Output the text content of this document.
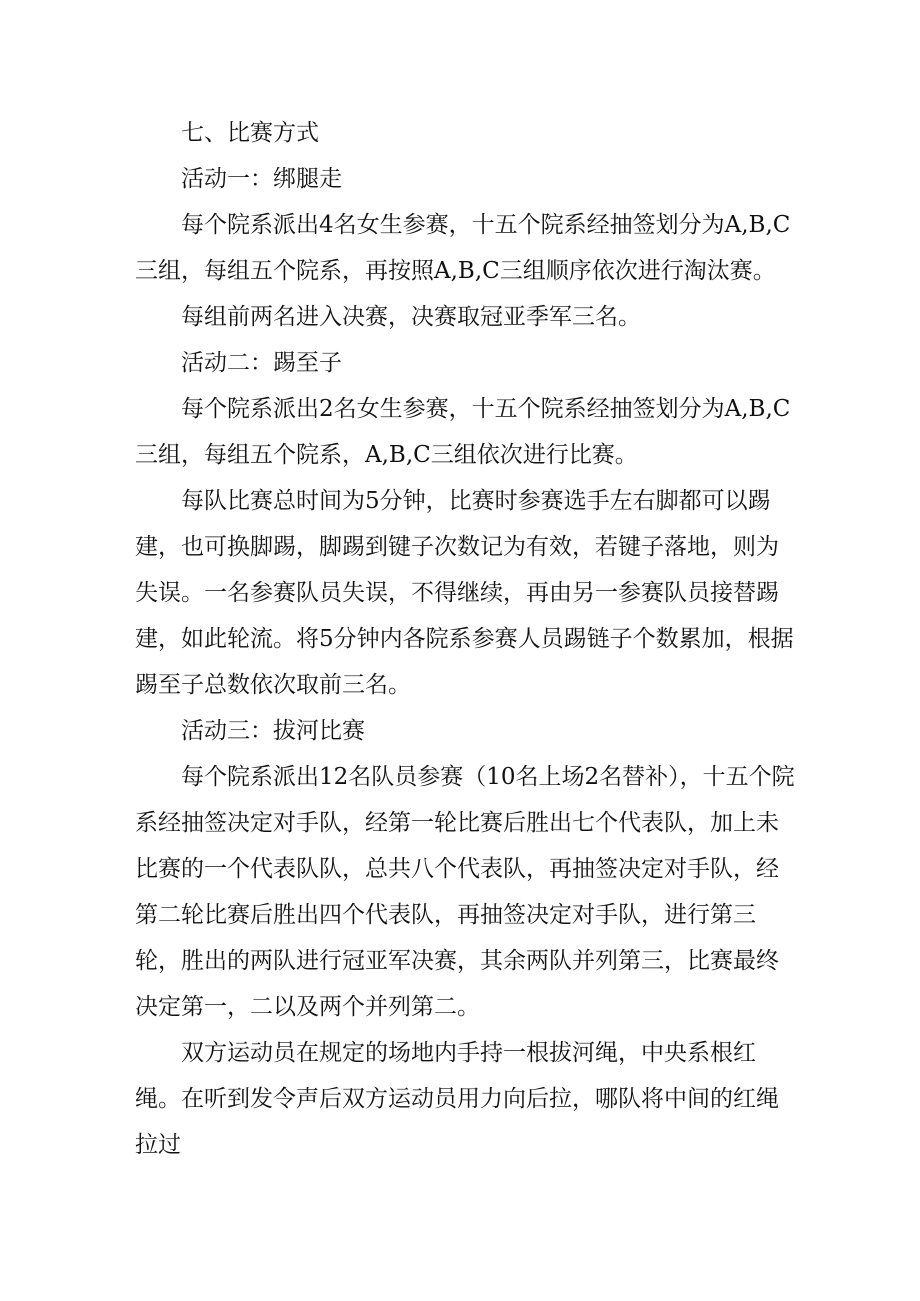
七、比赛方式

活动一：绑腿走

每个院系派出4名女生参赛，十五个院系经抽签划分为A,B,C三组，每组五个院系，再按照A,B,C三组顺序依次进行淘汰赛。

每组前两名进入决赛，决赛取冠亚季军三名。

活动二：踢至子

每个院系派出2名女生参赛，十五个院系经抽签划分为A,B,C三组，每组五个院系，A,B,C三组依次进行比赛。

每队比赛总时间为5分钟，比赛时参赛选手左右脚都可以踢建，也可换脚踢，脚踢到键子次数记为有效，若键子落地，则为失误。一名参赛队员失误，不得继续，再由另一参赛队员接替踢建，如此轮流。将5分钟内各院系参赛人员踢链子个数累加，根据踢至子总数依次取前三名。

活动三：拔河比赛

每个院系派出12名队员参赛（10名上场2名替补），十五个院系经抽签决定对手队，经第一轮比赛后胜出七个代表队，加上未比赛的一个代表队队，总共八个代表队，再抽签决定对手队，经第二轮比赛后胜出四个代表队，再抽签决定对手队，进行第三轮，胜出的两队进行冠亚军决赛，其余两队并列第三，比赛最终决定第一，二以及两个并列第二。

双方运动员在规定的场地内手持一根拔河绳，中央系根红绳。在听到发令声后双方运动员用力向后拉，哪队将中间的红绳拉过
